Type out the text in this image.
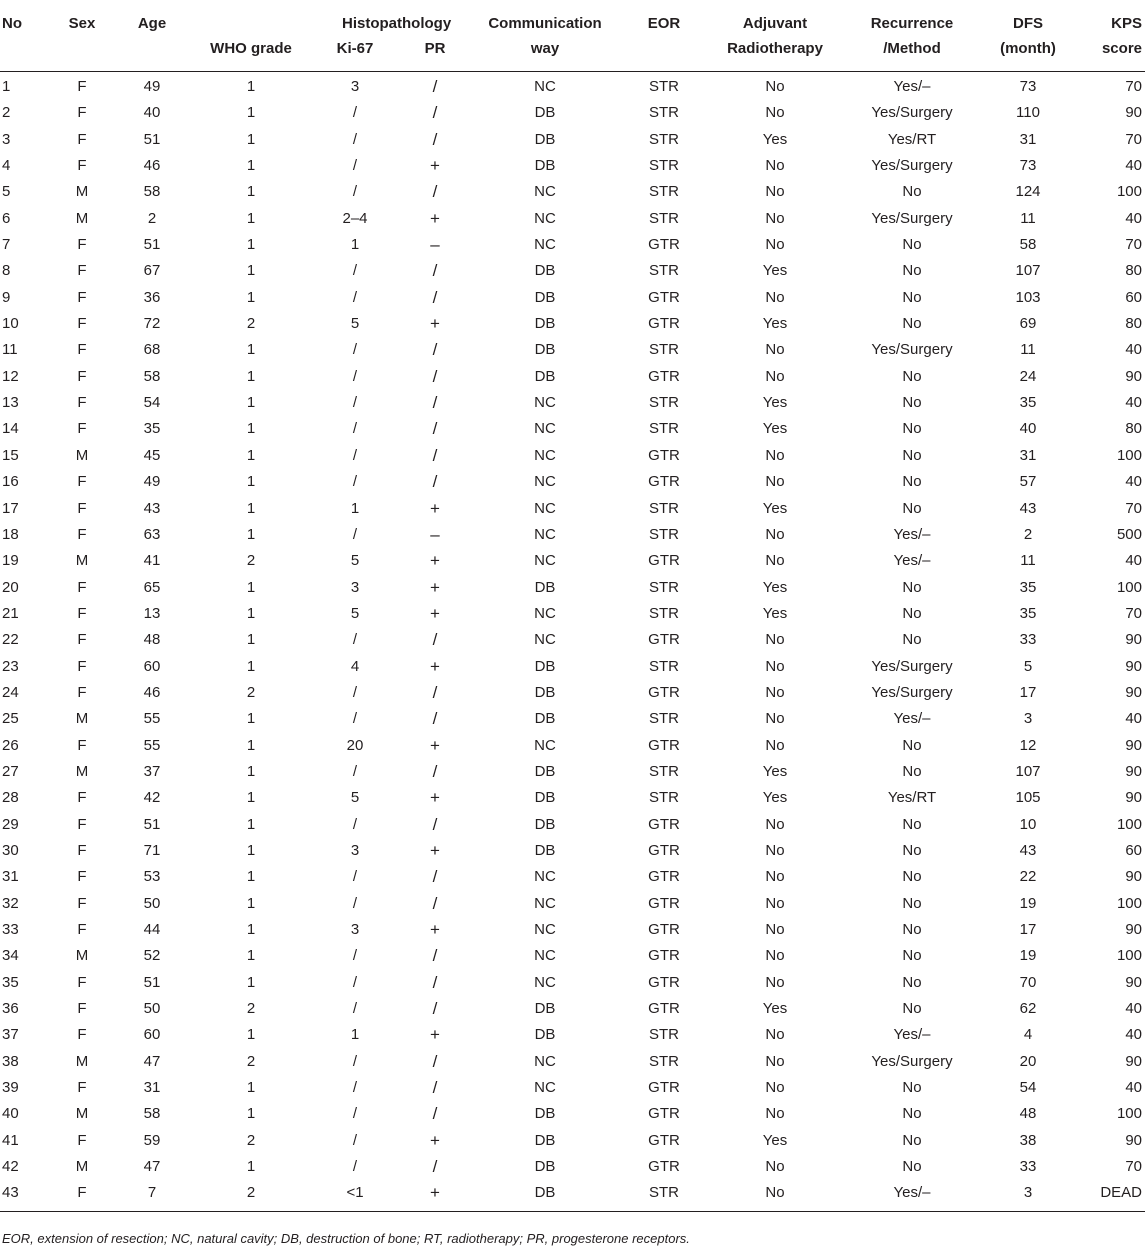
No	Sex	Age	Histopathology			Communication	EOR	Adjuvant	Recurrence	DFS	KPS
			WHO grade	Ki-67	PR	way		Radiotherapy	/Method	(month)	score

1	F	49	1	3	/	NC	STR	No	Yes/–	73	70
2	F	40	1	/	/	DB	STR	No	Yes/Surgery	110	90
3	F	51	1	/	/	DB	STR	Yes	Yes/RT	31	70
4	F	46	1	/	+	DB	STR	No	Yes/Surgery	73	40
5	M	58	1	/	/	NC	STR	No	No	124	100
6	M	2	1	2–4	+	NC	STR	No	Yes/Surgery	11	40
7	F	51	1	1	–	NC	GTR	No	No	58	70
8	F	67	1	/	/	DB	STR	Yes	No	107	80
9	F	36	1	/	/	DB	GTR	No	No	103	60
10	F	72	2	5	+	DB	GTR	Yes	No	69	80
11	F	68	1	/	/	DB	STR	No	Yes/Surgery	11	40
12	F	58	1	/	/	DB	GTR	No	No	24	90
13	F	54	1	/	/	NC	STR	Yes	No	35	40
14	F	35	1	/	/	NC	STR	Yes	No	40	80
15	M	45	1	/	/	NC	GTR	No	No	31	100
16	F	49	1	/	/	NC	GTR	No	No	57	40
17	F	43	1	1	+	NC	STR	Yes	No	43	70
18	F	63	1	/	–	NC	STR	No	Yes/–	2	500
19	M	41	2	5	+	NC	GTR	No	Yes/–	11	40
20	F	65	1	3	+	DB	STR	Yes	No	35	100
21	F	13	1	5	+	NC	STR	Yes	No	35	70
22	F	48	1	/	/	NC	GTR	No	No	33	90
23	F	60	1	4	+	DB	STR	No	Yes/Surgery	5	90
24	F	46	2	/	/	DB	GTR	No	Yes/Surgery	17	90
25	M	55	1	/	/	DB	STR	No	Yes/–	3	40
26	F	55	1	20	+	NC	GTR	No	No	12	90
27	M	37	1	/	/	DB	STR	Yes	No	107	90
28	F	42	1	5	+	DB	STR	Yes	Yes/RT	105	90
29	F	51	1	/	/	DB	GTR	No	No	10	100
30	F	71	1	3	+	DB	GTR	No	No	43	60
31	F	53	1	/	/	NC	GTR	No	No	22	90
32	F	50	1	/	/	NC	GTR	No	No	19	100
33	F	44	1	3	+	NC	GTR	No	No	17	90
34	M	52	1	/	/	NC	GTR	No	No	19	100
35	F	51	1	/	/	NC	GTR	No	No	70	90
36	F	50	2	/	/	DB	GTR	Yes	No	62	40
37	F	60	1	1	+	DB	STR	No	Yes/–	4	40
38	M	47	2	/	/	NC	STR	No	Yes/Surgery	20	90
39	F	31	1	/	/	NC	GTR	No	No	54	40
40	M	58	1	/	/	DB	GTR	No	No	48	100
41	F	59	2	/	+	DB	GTR	Yes	No	38	90
42	M	47	1	/	/	DB	GTR	No	No	33	70
43	F	7	2	<1	+	DB	STR	No	Yes/–	3	DEAD
EOR, extension of resection; NC, natural cavity; DB, destruction of bone; RT, radiotherapy; PR, progesterone receptors.
